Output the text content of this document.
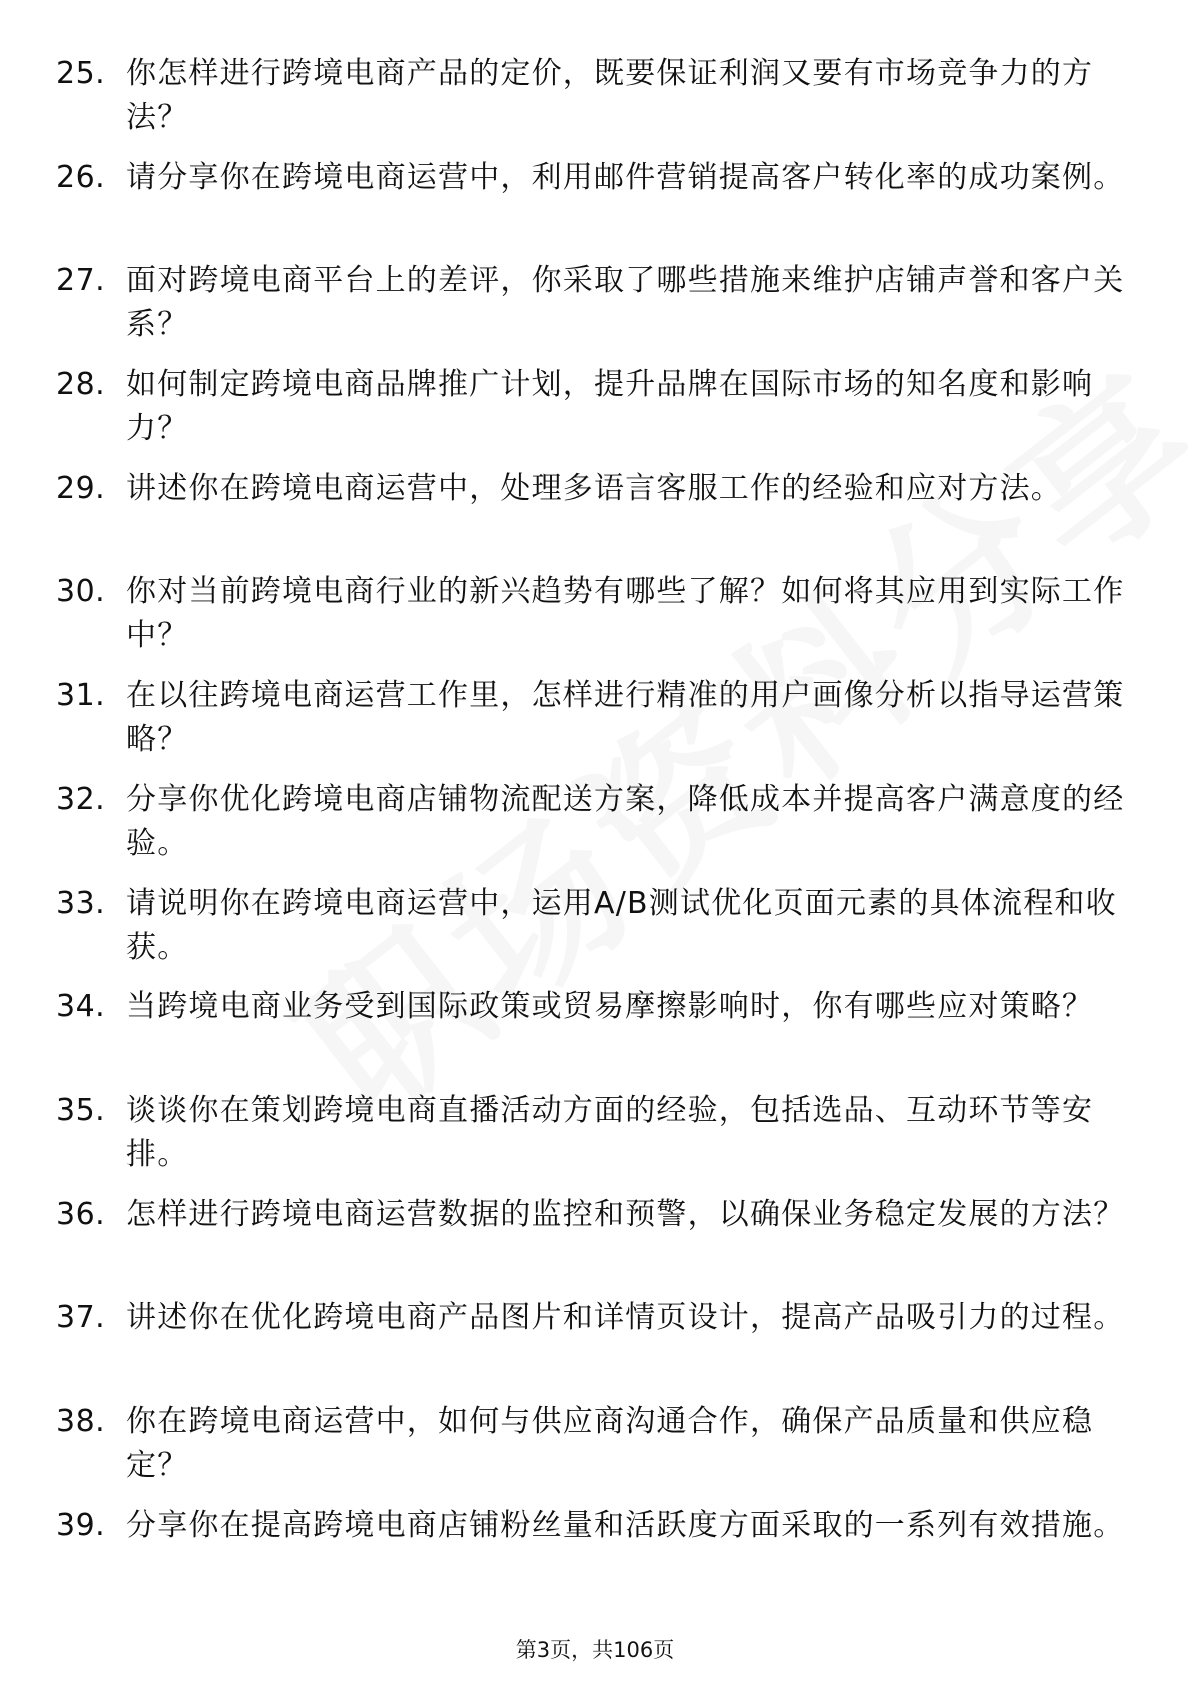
25. 你怎样进行跨境电商产品的定价，既要保证利润又要有市场竞争力的方法？
26. 请分享你在跨境电商运营中，利用邮件营销提高客户转化率的成功案例。
27. 面对跨境电商平台上的差评，你采取了哪些措施来维护店铺声誉和客户关系？
28. 如何制定跨境电商品牌推广计划，提升品牌在国际市场的知名度和影响力？
29. 讲述你在跨境电商运营中，处理多语言客服工作的经验和应对方法。
30. 你对当前跨境电商行业的新兴趋势有哪些了解？如何将其应用到实际工作中？
31. 在以往跨境电商运营工作里，怎样进行精准的用户画像分析以指导运营策略？
32. 分享你优化跨境电商店铺物流配送方案，降低成本并提高客户满意度的经验。
33. 请说明你在跨境电商运营中，运用A/B测试优化页面元素的具体流程和收获。
34. 当跨境电商业务受到国际政策或贸易摩擦影响时，你有哪些应对策略？
35. 谈谈你在策划跨境电商直播活动方面的经验，包括选品、互动环节等安排。
36. 怎样进行跨境电商运营数据的监控和预警，以确保业务稳定发展的方法？
37. 讲述你在优化跨境电商产品图片和详情页设计，提高产品吸引力的过程。
38. 你在跨境电商运营中，如何与供应商沟通合作，确保产品质量和供应稳定？
39. 分享你在提高跨境电商店铺粉丝量和活跃度方面采取的一系列有效措施。
第3页，共106页
